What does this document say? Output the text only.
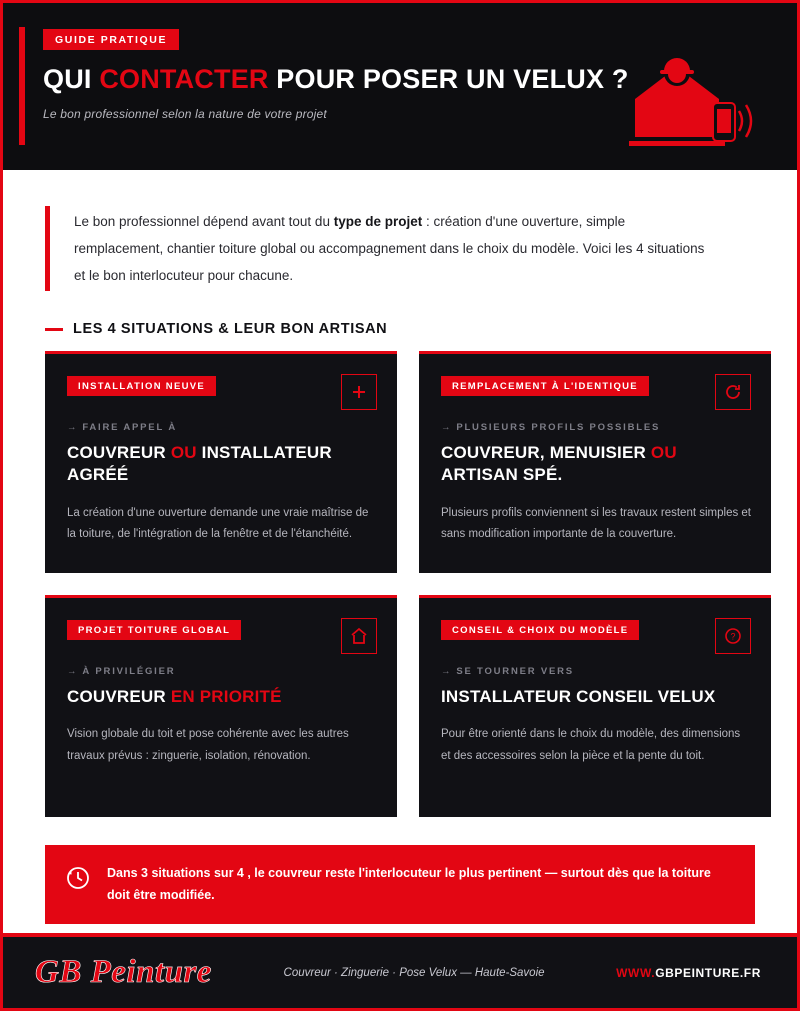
GUIDE PRATIQUE
QUI CONTACTER POUR POSER UN VELUX ?
Le bon professionnel selon la nature de votre projet

Le bon professionnel dépend avant tout du type de projet : création d'une ouverture, simple remplacement, chantier toiture global ou accompagnement dans le choix du modèle. Voici les 4 situations et le bon interlocuteur pour chacune.

LES 4 SITUATIONS & LEUR BON ARTISAN
INSTALLATION NEUVE
→ FAIRE APPEL À
COUVREUR OU INSTALLATEUR AGRÉÉ
La création d'une ouverture demande une vraie maîtrise de la toiture, de l'intégration de la fenêtre et de l'étanchéité.
REMPLACEMENT À L'IDENTIQUE
→ PLUSIEURS PROFILS POSSIBLES
COUVREUR, MENUISIER OU ARTISAN SPÉ.
Plusieurs profils conviennent si les travaux restent simples et sans modification importante de la couverture.
PROJET TOITURE GLOBAL
→ À PRIVILÉGIER
COUVREUR EN PRIORITÉ
Vision globale du toit et pose cohérente avec les autres travaux prévus : zinguerie, isolation, rénovation.
CONSEIL & CHOIX DU MODÈLE
?
→ SE TOURNER VERS
INSTALLATEUR CONSEIL VELUX
Pour être orienté dans le choix du modèle, des dimensions et des accessoires selon la pièce et la pente du toit.
Dans 3 situations sur 4 , le couvreur reste l'interlocuteur le plus pertinent — surtout dès que la toiture doit être modifiée.
GB Peinture	Couvreur · Zinguerie · Pose Velux — Haute-Savoie	WWW.GBPEINTURE.FR
